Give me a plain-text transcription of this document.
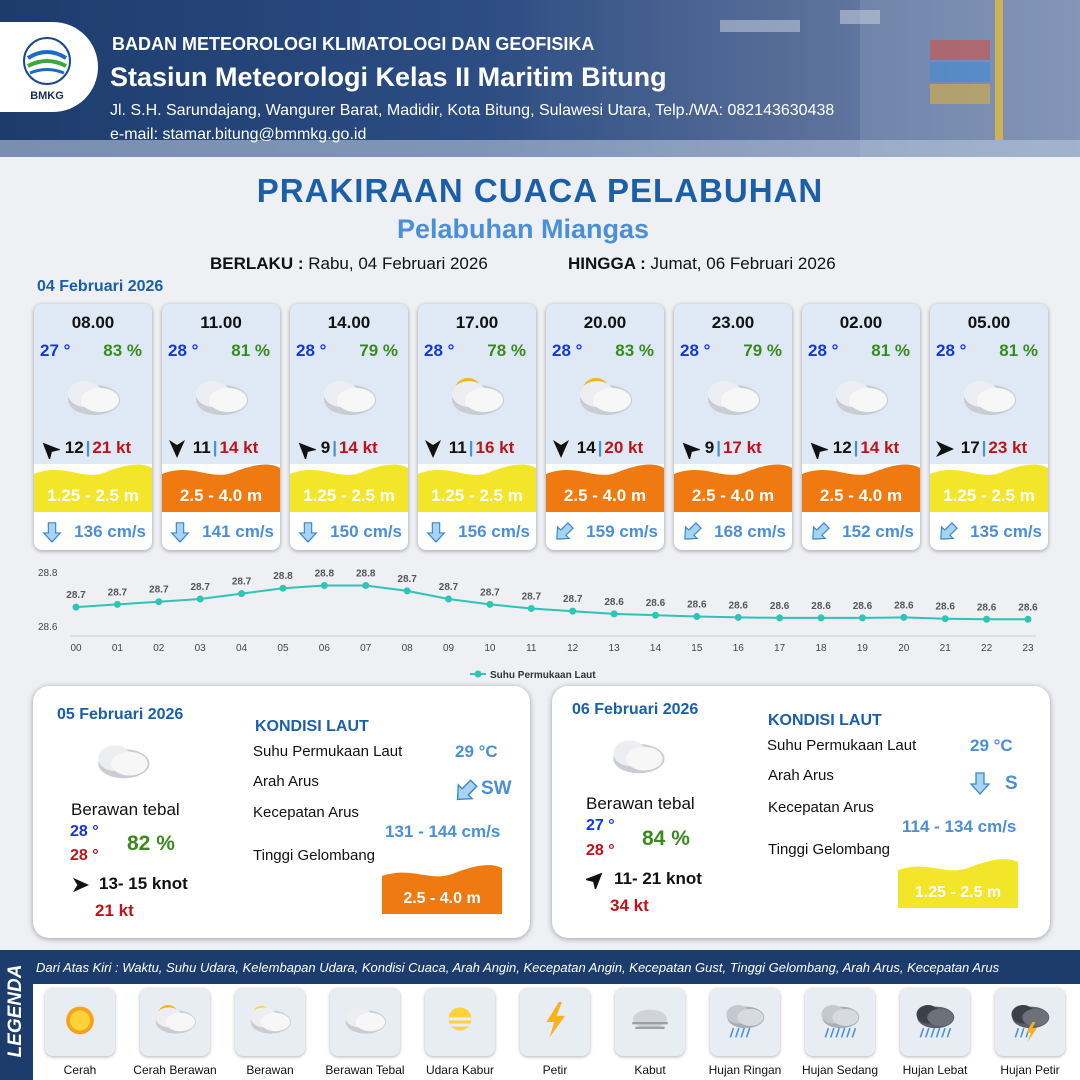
BMKG
BADAN METEOROLOGI KLIMATOLOGI DAN GEOFISIKA
Stasiun Meteorologi Kelas II Maritim Bitung
Jl. S.H. Sarundajang, Wangurer Barat, Madidir, Kota Bitung, Sulawesi Utara, Telp./WA: 082143630438
e-mail: stamar.bitung@bmmkg.go.id
PRAKIRAAN CUACA PELABUHAN
Pelabuhan Miangas
BERLAKU : Rabu, 04 Februari 2026	HINGGA : Jumat, 06 Februari 2026
04 Februari 2026
08.00
27 ° 83 %
12 | 21 kt
1.25 - 2.5 m
136 cm/s
11.00
28 ° 81 %
11 | 14 kt
2.5 - 4.0 m
141 cm/s
14.00
28 ° 79 %
9 | 14 kt
1.25 - 2.5 m
150 cm/s
17.00
28 ° 78 %
11 | 16 kt
1.25 - 2.5 m
156 cm/s
20.00
28 ° 83 %
14 | 20 kt
2.5 - 4.0 m
159 cm/s
23.00
28 ° 79 %
9 | 17 kt
2.5 - 4.0 m
168 cm/s
02.00
28 ° 81 %
12 | 14 kt
2.5 - 4.0 m
152 cm/s
05.00
28 ° 81 %
17 | 23 kt
1.25 - 2.5 m
135 cm/s
28.8
28.6
28.7
00
28.7
01
28.7
02
28.7
03
28.7
04
28.8
05
28.8
06
28.8
07
28.7
08
28.7
09
28.7
10
28.7
11
28.7
12
28.6
13
28.6
14
28.6
15
28.6
16
28.6
17
28.6
18
28.6
19
28.6
20
28.6
21
28.6
22
28.6
23
Suhu Permukaan Laut
05 Februari 2026
Berawan tebal
28 °
28 °
82 %
13- 15 knot
21 kt
KONDISI LAUT
Suhu Permukaan Laut	29 °C
Arah Arus	SW
Kecepatan Arus
131 - 144 cm/s
Tinggi Gelombang
2.5 - 4.0 m
06 Februari 2026
Berawan tebal
27 °
28 °
84 %
11- 21 knot
34 kt
KONDISI LAUT
Suhu Permukaan Laut	29 °C
Arah Arus	S
Kecepatan Arus
114 - 134 cm/s
Tinggi Gelombang
1.25 - 2.5 m
LEGENDA Dari Atas Kiri : Waktu, Suhu Udara, Kelembapan Udara, Kondisi Cuaca, Arah Angin, Kecepatan Angin, Kecepatan Gust, Tinggi Gelombang, Arah Arus, Kecepatan Arus
Cerah	Cerah Berawan	Berawan	Berawan Tebal	Udara Kabur	Petir	Kabut	Hujan Ringan	Hujan Sedang	Hujan Lebat	Hujan Petir
